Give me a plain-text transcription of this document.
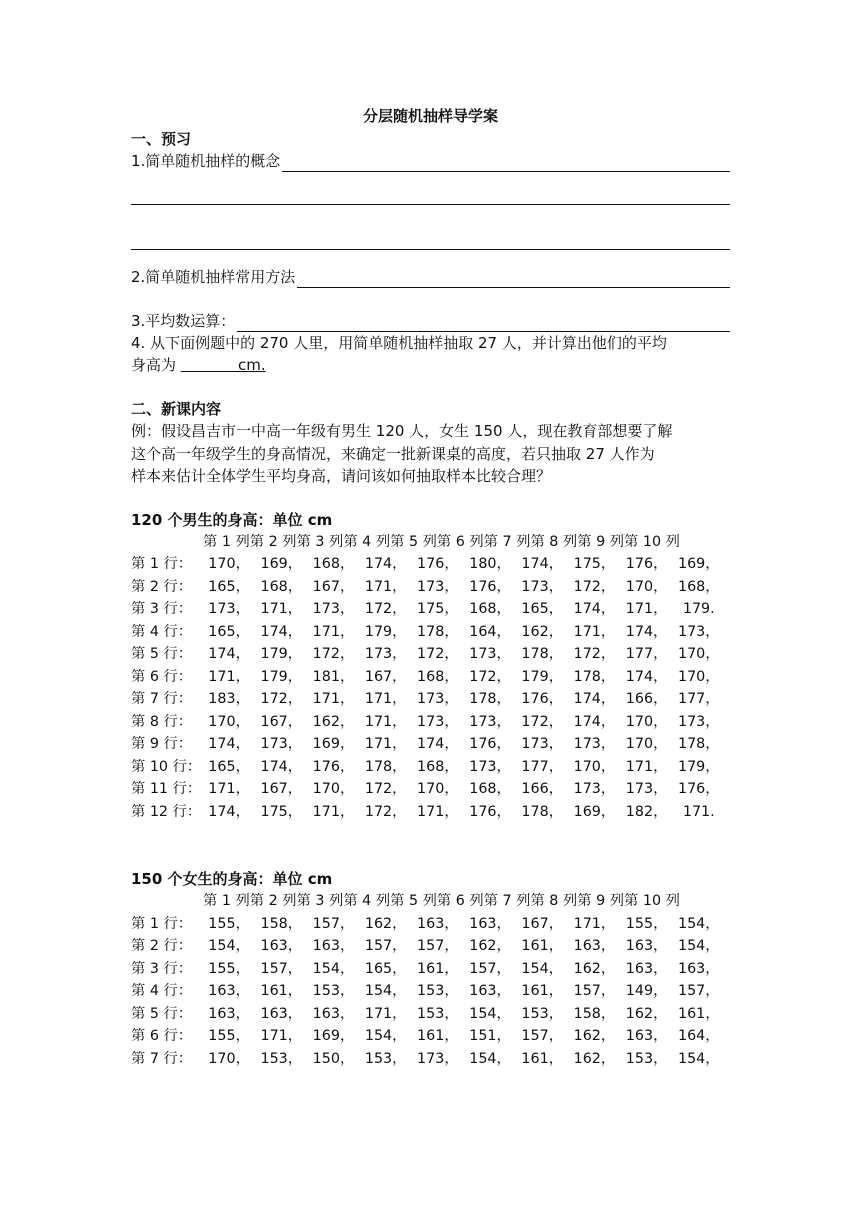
分层随机抽样导学案
一、预习
1.简单随机抽样的概念
2.简单随机抽样常用方法
3.平均数运算：
4. 从下面例题中的 270 人里，用简单随机抽样抽取 27 人，并计算出他们的平均
身高为	cm.
二、新课内容
例：假设昌吉市一中高一年级有男生 120 人，女生 150 人，现在教育部想要了解
这个高一年级学生的身高情况，来确定一批新课桌的高度，若只抽取 27 人作为
样本来估计全体学生平均身高，请问该如何抽取样本比较合理？
120 个男生的身高：单位 cm
第 1 列第 2 列第 3 列第 4 列第 5 列第 6 列第 7 列第 8 列第 9 列第 10 列
第 1 行：	170， 169， 168， 174， 176， 180， 174， 175， 176， 169，
第 2 行：	165， 168， 167， 171， 173， 176， 173， 172， 170， 168，
第 3 行：	173， 171， 173， 172， 175， 168， 165， 174， 171，	179.
第 4 行：	165， 174， 171， 179， 178， 164， 162， 171， 174， 173，
第 5 行：	174， 179， 172， 173， 172， 173， 178， 172， 177， 170，
第 6 行：	171， 179， 181， 167， 168， 172， 179， 178， 174， 170，
第 7 行：	183， 172， 171， 171， 173， 178， 176， 174， 166， 177，
第 8 行：	170， 167， 162， 171， 173， 173， 172， 174， 170， 173，
第 9 行：	174， 173， 169， 171， 174， 176， 173， 173， 170， 178，
第 10 行： 165， 174， 176， 178， 168， 173， 177， 170， 171， 179，
第 11 行： 171， 167， 170， 172， 170， 168， 166， 173， 173， 176，
第 12 行： 174， 175， 171， 172， 171， 176， 178， 169， 182，	171.
150 个女生的身高：单位 cm
第 1 列第 2 列第 3 列第 4 列第 5 列第 6 列第 7 列第 8 列第 9 列第 10 列
第 1 行：	155， 158， 157， 162， 163， 163， 167， 171， 155， 154，
第 2 行：	154， 163， 163， 157， 157， 162， 161， 163， 163， 154，
第 3 行：	155， 157， 154， 165， 161， 157， 154， 162， 163， 163，
第 4 行：	163， 161， 153， 154， 153， 163， 161， 157， 149， 157，
第 5 行：	163， 163， 163， 171， 153， 154， 153， 158， 162， 161，
第 6 行：	155， 171， 169， 154， 161， 151， 157， 162， 163， 164，
第 7 行：	170， 153， 150， 153， 173， 154， 161， 162， 153， 154，
